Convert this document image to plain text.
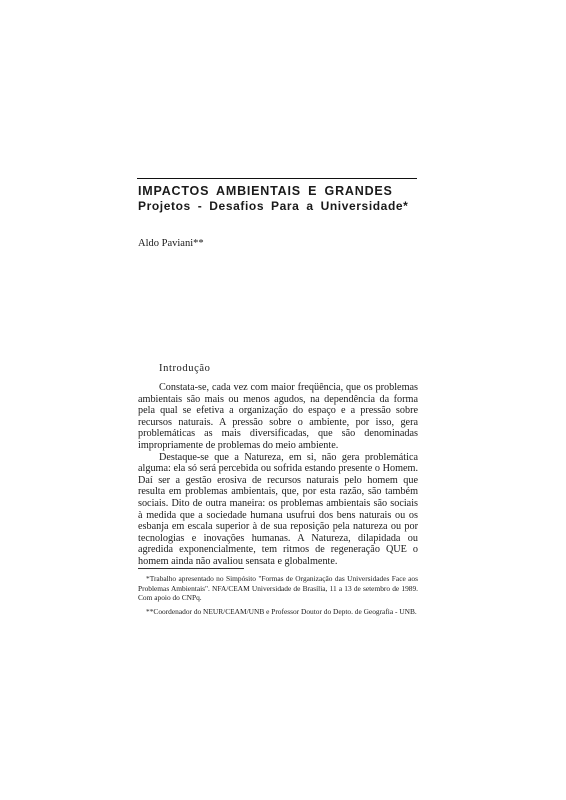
IMPACTOS AMBIENTAIS E GRANDES
Projetos - Desafios Para a Universidade*
Aldo Paviani**
Introdução

Constata-se, cada vez com maior freqüência, que os problemas ambientais são mais ou menos agudos, na dependência da forma pela qual se efetiva a organização do espaço e a pressão sobre recursos naturais. A pressão sobre o ambiente, por isso, gera problemáticas as mais diversificadas, que são denominadas impropriamente de problemas do meio ambiente.

Destaque-se que a Natureza, em si, não gera problemática alguma: ela só será percebida ou sofrida estando presente o Homem. Daí ser a gestão erosiva de recursos naturais pelo homem que resulta em problemas ambientais, que, por esta razão, são também sociais. Dito de outra maneira: os problemas ambientais são sociais à medida que a sociedade humana usufrui dos bens naturais ou os esbanja em escala superior à de sua reposição pela natureza ou por tecnologias e inovações humanas. A Natureza, dilapidada ou agredida exponencialmente, tem ritmos de regeneração QUE o homem ainda não avaliou sensata e globalmente.

*Trabalho apresentado no Simpósito "Formas de Organização das Universidades Face aos Problemas Ambientais". NFA/CEAM Universidade de Brasília, 11 a 13 de setembro de 1989. Com apoio do CNPq.

**Coordenador do NEUR/CEAM/UNB e Professor Doutor do Depto. de Geografia - UNB.
